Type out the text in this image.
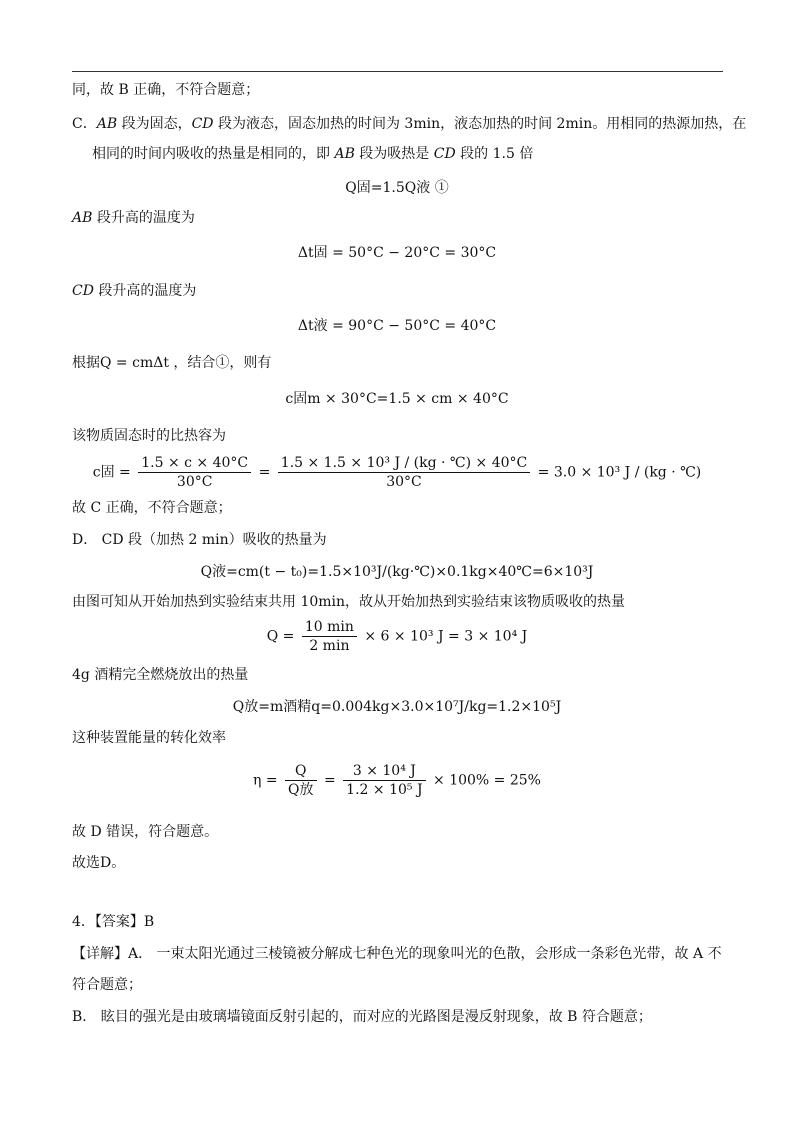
同，故 B 正确，不符合题意；
C．AB 段为固态，CD 段为液态，固态加热的时间为 3min，液态加热的时间 2min。用相同的热源加热，在
相同的时间内吸收的热量是相同的，即 AB 段为吸热是 CD 段的 1.5 倍
Q固=1.5Q液 ①
AB 段升高的温度为
Δt固 = 50°C − 20°C = 30°C
CD 段升高的温度为
Δt液 = 90°C − 50°C = 40°C
根据Q = cmΔt ，结合①，则有
c固m × 30°C=1.5 × cm × 40°C
该物质固态时的比热容为
c固 = $\frac{1.5 \times c \times 40^\circ C}{30^\circ C} = \frac{\text{1.5 × 1.5 × 10³ J / (kg · ℃) × 40°C}}{30^\circ C} = 3.0 \times 10^3$ J / (kg · ℃)
故 C 正确，不符合题意；
D． CD 段（加热 2 min）吸收的热量为
Q液=cm(t − t₀)=1.5×10³J/(kg·℃)×0.1kg×40℃=6×10³J
由图可知从开始加热到实验结束共用 10min，故从开始加热到实验结束该物质吸收的热量
$Q = \frac{10 \min}{2 \min} \times 6 \times 10^3$ J = 3 × 10⁴ J
4g 酒精完全燃烧放出的热量
Q放=m酒精q=0.004kg×3.0×10⁷J/kg=1.2×10⁵J
这种装置能量的转化效率
$\eta = \frac{Q}{\text{Q放}} = \frac{\text{3 × 10⁴ J}}{\text{1.2 × 10⁵ J}} \times 100\% = 25\%$
故 D 错误，符合题意。
故选D。
4．【答案】B
【详解】A． 一束太阳光通过三棱镜被分解成七种色光的现象叫光的色散，会形成一条彩色光带，故 A 不
符合题意；
B． 眩目的强光是由玻璃墙镜面反射引起的，而对应的光路图是漫反射现象，故 B 符合题意；
